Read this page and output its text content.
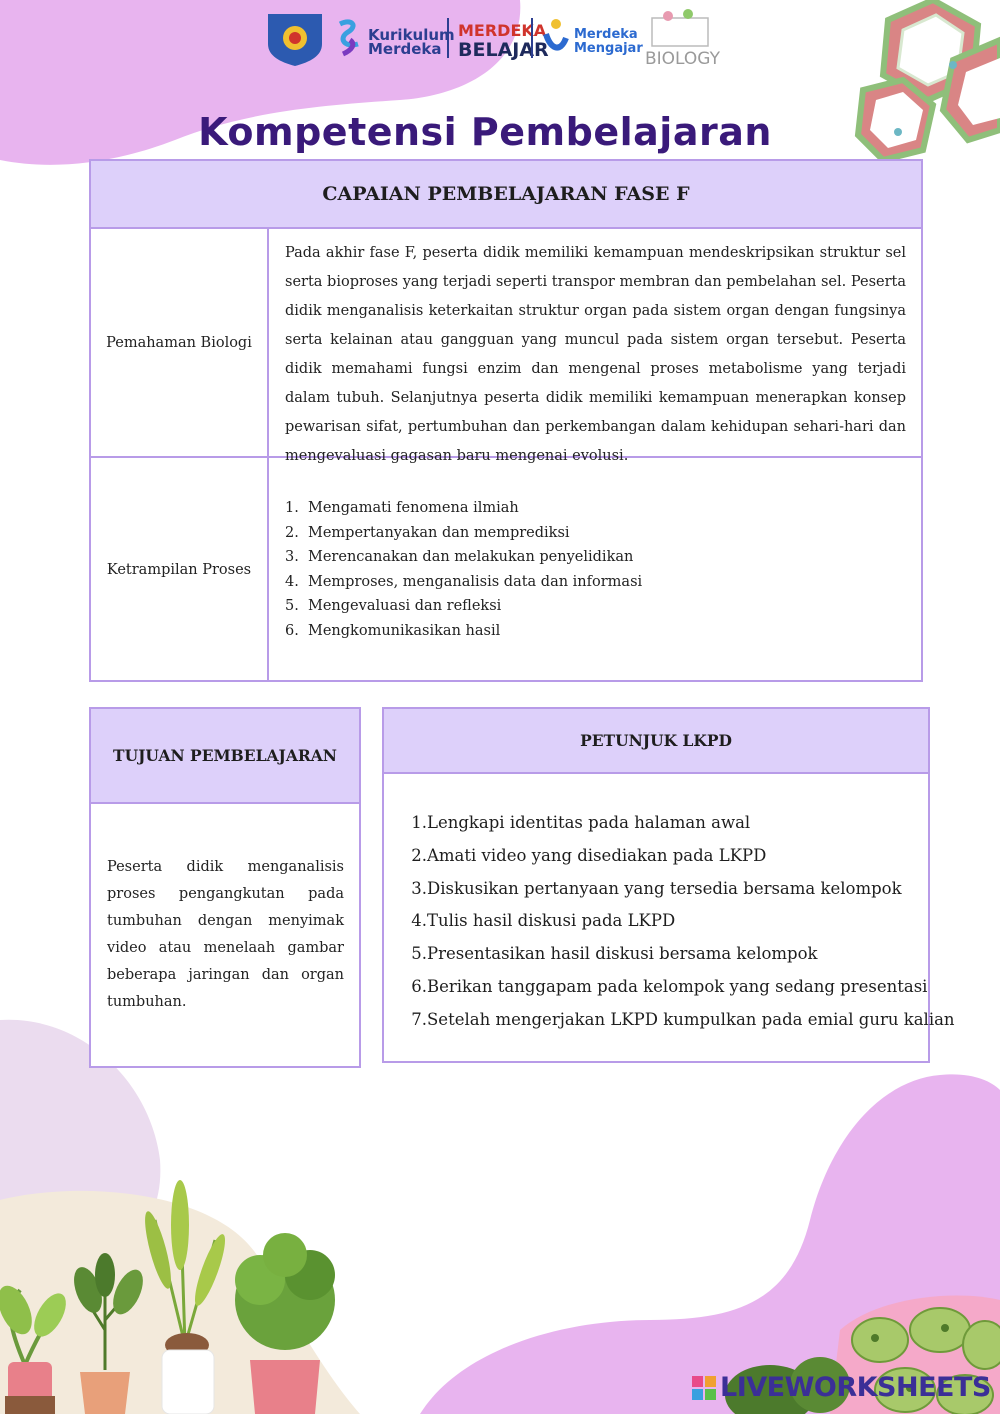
Kurikulum
Merdeka
MERDEKA
BELAJAR
Merdeka
Mengajar
BIOLOGY
Kompetensi Pembelajaran
CAPAIAN PEMBELAJARAN FASE F
Pemahaman Biologi
Pada akhir fase F, peserta didik memiliki kemampuan mendeskripsikan struktur sel serta bioproses yang terjadi seperti transpor membran dan pembelahan sel. Peserta didik menganalisis keterkaitan struktur organ pada sistem organ dengan fungsinya serta kelainan atau gangguan yang muncul pada sistem organ tersebut. Peserta didik memahami fungsi enzim dan mengenal proses metabolisme yang terjadi dalam tubuh. Selanjutnya peserta didik memiliki kemampuan menerapkan konsep pewarisan sifat, pertumbuhan dan perkembangan dalam kehidupan sehari-hari dan mengevaluasi gagasan baru mengenai evolusi.
Ketrampilan Proses
1. Mengamati fenomena ilmiah
2. Mempertanyakan dan memprediksi
3. Merencanakan dan melakukan penyelidikan
4. Memproses, menganalisis data dan informasi
5. Mengevaluasi dan refleksi
6. Mengkomunikasikan hasil
TUJUAN PEMBELAJARAN
Peserta didik menganalisis proses pengangkutan pada tumbuhan dengan menyimak video atau menelaah gambar beberapa jaringan dan organ tumbuhan.
PETUNJUK LKPD
1.Lengkapi identitas pada halaman awal
2.Amati video yang disediakan pada LKPD
3.Diskusikan pertanyaan yang tersedia bersama kelompok
4.Tulis hasil diskusi pada LKPD
5.Presentasikan hasil diskusi bersama kelompok
6.Berikan tanggapam pada kelompok yang sedang presentasi
7.Setelah mengerjakan LKPD kumpulkan pada emial guru kalian
LIVEWORKSHEETS
